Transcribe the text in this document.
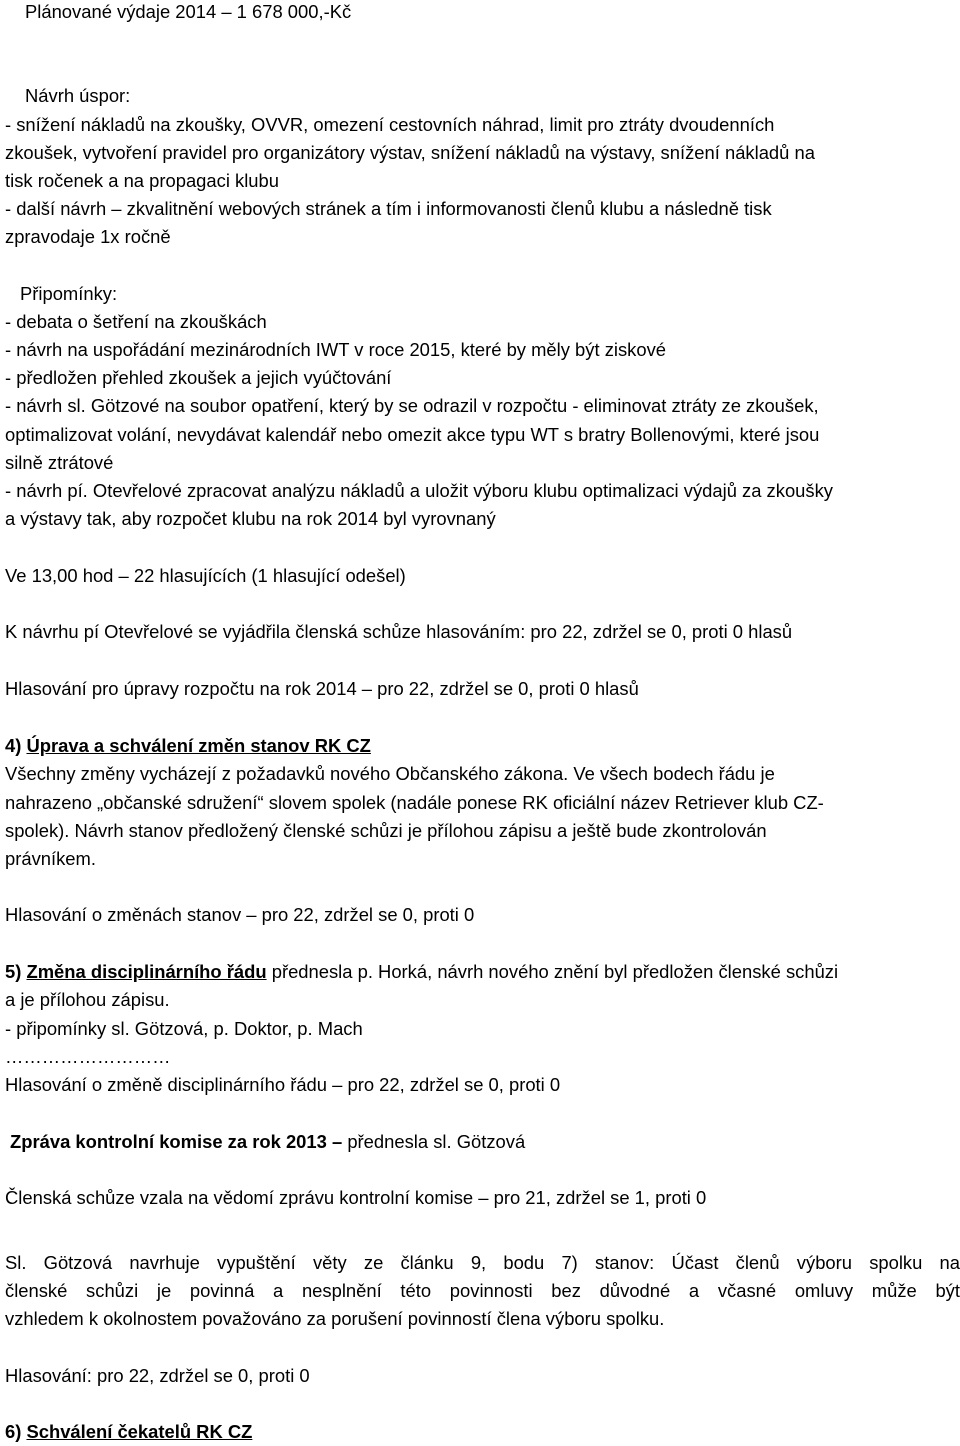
Plánované výdaje 2014 – 1 678 000,-Kč
Návrh úspor:
- snížení nákladů na zkoušky, OVVR, omezení cestovních náhrad, limit pro ztráty dvoudenních
zkoušek, vytvoření pravidel pro organizátory výstav, snížení nákladů na výstavy, snížení nákladů na
tisk ročenek a na propagaci klubu
- další návrh – zkvalitnění webových stránek a tím i informovanosti členů klubu a následně tisk
zpravodaje 1x ročně
Připomínky:
- debata o šetření na zkouškách
- návrh na uspořádání mezinárodních IWT v roce 2015, které by měly být ziskové
- předložen přehled zkoušek a jejich vyúčtování
- návrh sl. Götzové na soubor opatření, který by se odrazil v rozpočtu - eliminovat ztráty ze zkoušek,
optimalizovat volání, nevydávat kalendář nebo omezit akce typu WT s bratry Bollenovými, které jsou
silně ztrátové
- návrh pí. Otevřelové zpracovat analýzu nákladů a uložit výboru klubu optimalizaci výdajů za zkoušky
a výstavy tak, aby rozpočet klubu na rok 2014 byl vyrovnaný
Ve 13,00 hod – 22 hlasujících (1 hlasující odešel)
K návrhu pí Otevřelové se vyjádřila členská schůze hlasováním: pro 22, zdržel se 0, proti 0 hlasů
Hlasování pro úpravy rozpočtu na rok 2014 – pro 22, zdržel se 0, proti 0 hlasů
4) Úprava a schválení změn stanov RK CZ
Všechny změny vycházejí z požadavků nového Občanského zákona. Ve všech bodech řádu je
nahrazeno „občanské sdružení“ slovem spolek (nadále ponese RK oficiální název Retriever klub CZ-
spolek). Návrh stanov předložený členské schůzi je přílohou zápisu a ještě bude zkontrolován
právníkem.
Hlasování o změnách stanov – pro 22, zdržel se 0, proti 0
5) Změna disciplinárního řádu přednesla p. Horká, návrh nového znění byl předložen členské schůzi
a je přílohou zápisu.
- připomínky sl. Götzová, p. Doktor, p. Mach
………………………
Hlasování o změně disciplinárního řádu – pro 22, zdržel se 0, proti 0
Zpráva kontrolní komise za rok 2013 – přednesla sl. Götzová
Členská schůze vzala na vědomí zprávu kontrolní komise – pro 21, zdržel se 1, proti 0
Sl. Götzová navrhuje vypuštění věty ze článku 9, bodu 7) stanov: Účast členů výboru spolku na
členské schůzi je povinná a nesplnění této povinnosti bez důvodné a včasné omluvy může být
vzhledem k okolnostem považováno za porušení povinností člena výboru spolku.
Hlasování: pro 22, zdržel se 0, proti 0
6) Schválení čekatelů RK CZ
